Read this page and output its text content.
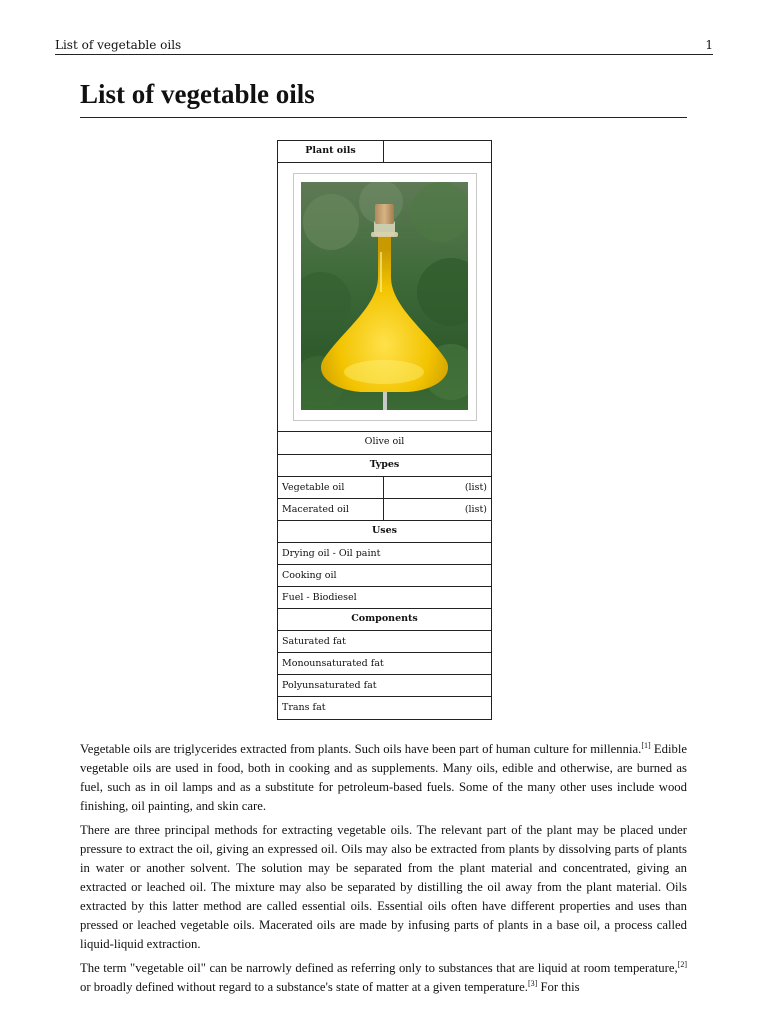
List of vegetable oils	1
List of vegetable oils
Plant oils
Olive oil
Types
Vegetable oil	(list)
Macerated oil	(list)
Uses
Drying oil - Oil paint
Cooking oil
Fuel - Biodiesel
Components
Saturated fat
Monounsaturated fat
Polyunsaturated fat
Trans fat

Vegetable oils are triglycerides extracted from plants. Such oils have been part of human culture for millennia.[1] Edible vegetable oils are used in food, both in cooking and as supplements. Many oils, edible and otherwise, are burned as fuel, such as in oil lamps and as a substitute for petroleum-based fuels. Some of the many other uses include wood finishing, oil painting, and skin care.

There are three principal methods for extracting vegetable oils. The relevant part of the plant may be placed under pressure to extract the oil, giving an expressed oil. Oils may also be extracted from plants by dissolving parts of plants in water or another solvent. The solution may be separated from the plant material and concentrated, giving an extracted or leached oil. The mixture may also be separated by distilling the oil away from the plant material. Oils extracted by this latter method are called essential oils. Essential oils often have different properties and uses than pressed or leached vegetable oils. Macerated oils are made by infusing parts of plants in a base oil, a process called liquid-liquid extraction.

The term "vegetable oil" can be narrowly defined as referring only to substances that are liquid at room temperature,[2] or broadly defined without regard to a substance's state of matter at a given temperature.[3] For this
